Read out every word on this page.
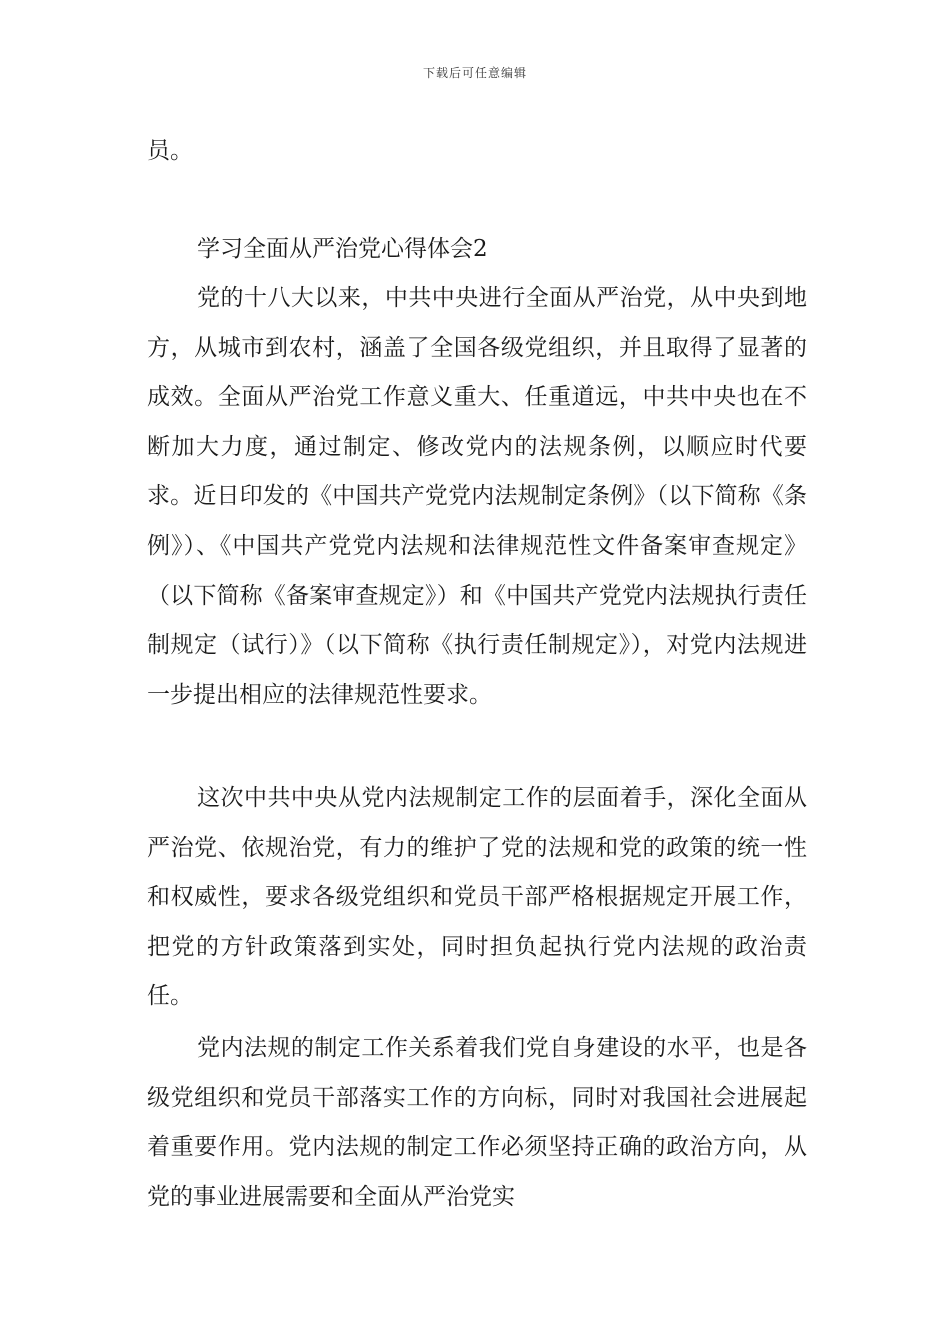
下载后可任意编辑
员。
学习全面从严治党心得体会2

党的十八大以来，中共中央进行全面从严治党，从中央到地方，从城市到农村，涵盖了全国各级党组织，并且取得了显著的成效。全面从严治党工作意义重大、任重道远，中共中央也在不断加大力度，通过制定、修改党内的法规条例，以顺应时代要求。近日印发的《中国共产党党内法规制定条例》（以下简称《条例》）、《中国共产党党内法规和法律规范性文件备案审查规定》（以下简称《备案审查规定》）和《中国共产党党内法规执行责任制规定（试行）》（以下简称《执行责任制规定》），对党内法规进一步提出相应的法律规范性要求。

这次中共中央从党内法规制定工作的层面着手，深化全面从严治党、依规治党，有力的维护了党的法规和党的政策的统一性和权威性，要求各级党组织和党员干部严格根据规定开展工作，把党的方针政策落到实处，同时担负起执行党内法规的政治责任。

党内法规的制定工作关系着我们党自身建设的水平，也是各级党组织和党员干部落实工作的方向标，同时对我国社会进展起着重要作用。党内法规的制定工作必须坚持正确的政治方向，从党的事业进展需要和全面从严治党实
